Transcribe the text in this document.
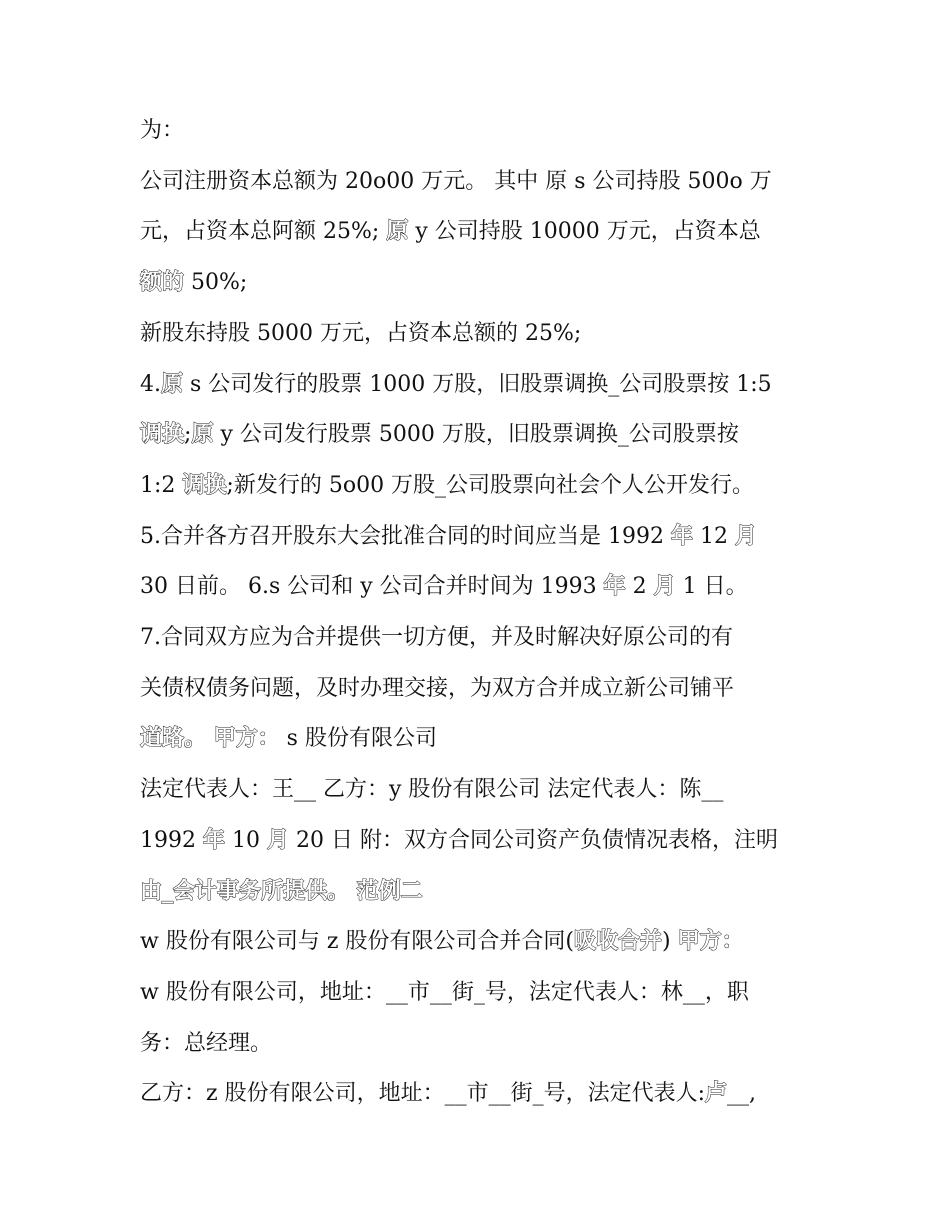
为：
公司注册资本总额为 20o00 万元。 其中 原 s 公司持股 500o 万
元，占资本总阿额 25%; 原 y 公司持股 10000 万元，占资本总
额的 50%;
新股东持股 5000 万元，占资本总额的 25%;
4.原 s 公司发行的股票 1000 万股，旧股票调换_公司股票按 1:5
调换;原 y 公司发行股票 5000 万股，旧股票调换_公司股票按
1:2 调换;新发行的 5o00 万股_公司股票向社会个人公开发行。
5.合并各方召开股东大会批准合同的时间应当是 1992 年 12 月
30 日前。 6.s 公司和 y 公司合并时间为 1993 年 2 月 1 日。
7.合同双方应为合并提供一切方便，并及时解决好原公司的有
关债权债务问题，及时办理交接，为双方合并成立新公司铺平
道路。 甲方： s 股份有限公司
法定代表人：王__ 乙方：y 股份有限公司 法定代表人：陈__
1992 年 10 月 20 日 附：双方合同公司资产负债情况表格，注明
由_会计事务所提供。 范例二
w 股份有限公司与 z 股份有限公司合并合同(吸收合并) 甲方：
w 股份有限公司，地址：__市__街_号，法定代表人：林__，职
务：总经理。
乙方：z 股份有限公司，地址：__市__街_号，法定代表人:卢__,
